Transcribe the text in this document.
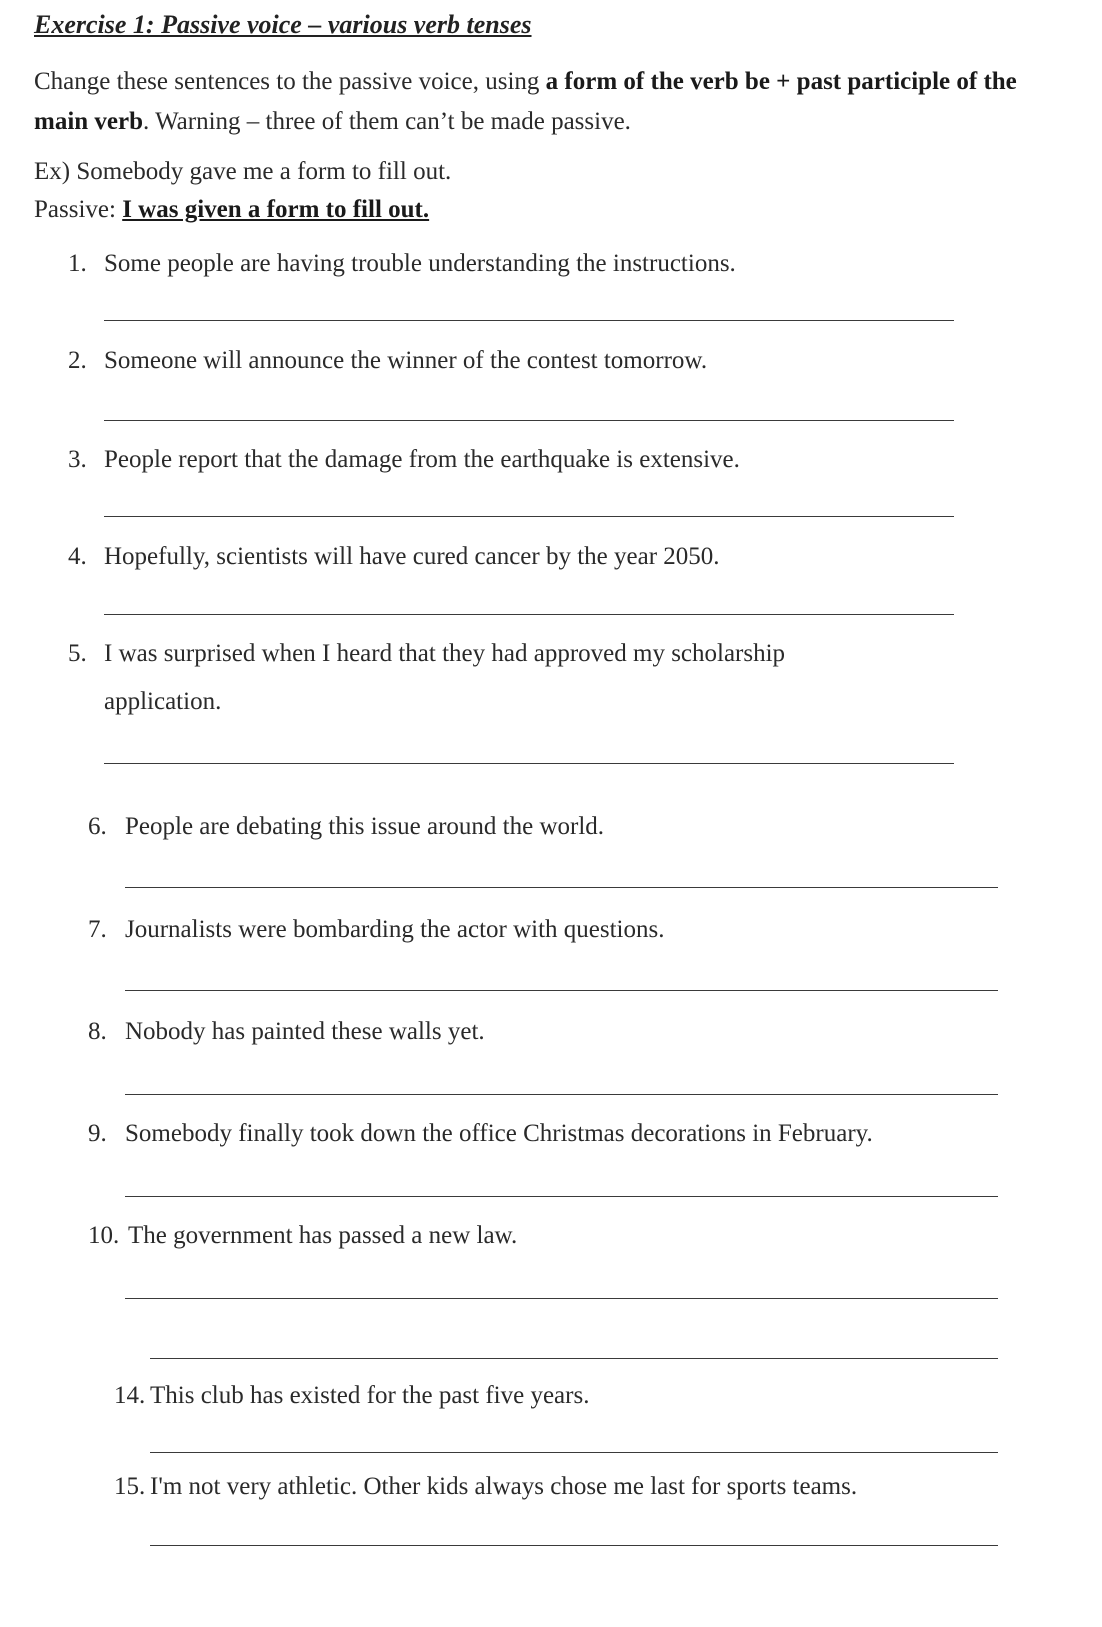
Exercise 1: Passive voice – various verb tenses

Change these sentences to the passive voice, using a form of the verb be + past participle of the main verb. Warning – three of them can’t be made passive.

Ex) Somebody gave me a form to fill out.
Passive: I was given a form to fill out.

1. Some people are having trouble understanding the instructions.

2. Someone will announce the winner of the contest tomorrow.

3. People report that the damage from the earthquake is extensive.

4. Hopefully, scientists will have cured cancer by the year 2050.

5. I was surprised when I heard that they had approved my scholarship

application.

6. People are debating this issue around the world.

7. Journalists were bombarding the actor with questions.

8. Nobody has painted these walls yet.

9. Somebody finally took down the office Christmas decorations in February.

10. The government has passed a new law.

14. This club has existed for the past five years.

15. I'm not very athletic. Other kids always chose me last for sports teams.
